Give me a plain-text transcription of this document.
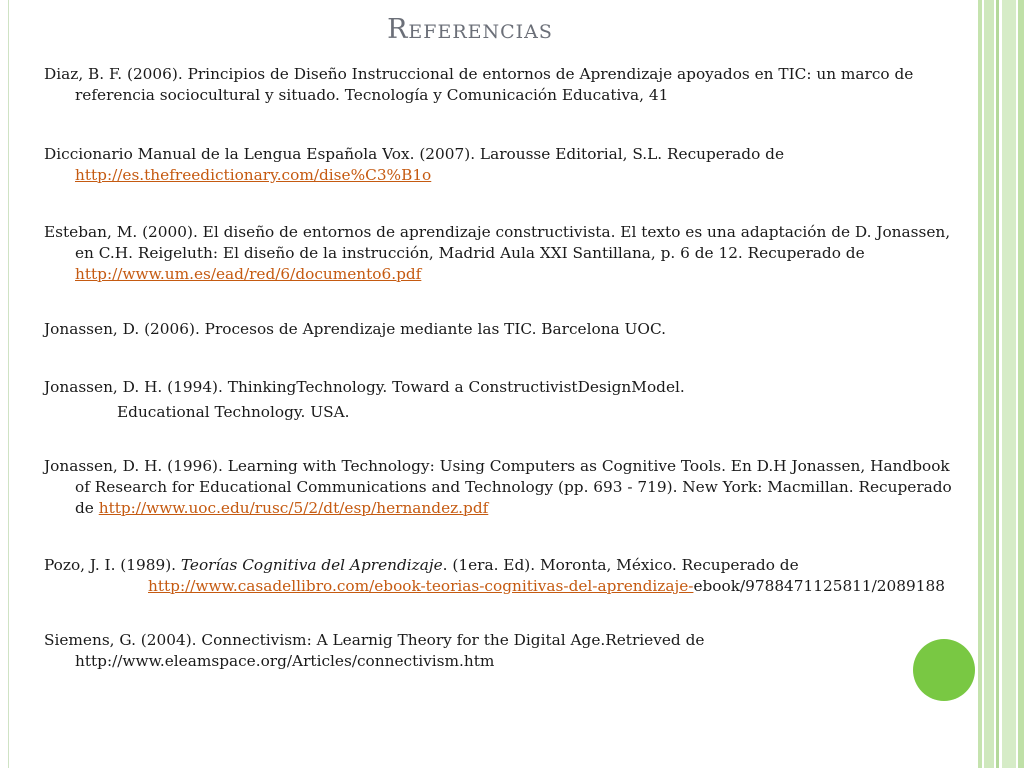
Referencias

Diaz, B. F. (2006). Principios de Diseño Instruccional de entornos de Aprendizaje apoyados en TIC: un marco de referencia sociocultural y situado. Tecnología y Comunicación Educativa, 41

Diccionario Manual de la Lengua Española Vox. (2007). Larousse Editorial, S.L. Recuperado de http://es.thefreedictionary.com/dise%C3%B1o

Esteban, M. (2000). El diseño de entornos de aprendizaje constructivista. El texto es una adaptación de D. Jonassen, en C.H. Reigeluth: El diseño de la instrucción, Madrid Aula XXI Santillana, p. 6 de 12. Recuperado de http://www.um.es/ead/red/6/documento6.pdf

Jonassen, D. (2006). Procesos de Aprendizaje mediante las TIC. Barcelona UOC.

Jonassen, D. H. (1994). ThinkingTechnology. Toward a ConstructivistDesignModel.

Educational Technology. USA.

Jonassen, D. H. (1996). Learning with Technology: Using Computers as Cognitive Tools. En D.H Jonassen, Handbook of Research for Educational Communications and Technology (pp. 693 - 719). New York: Macmillan. Recuperado de http://www.uoc.edu/rusc/5/2/dt/esp/hernandez.pdf

Pozo, J. I. (1989). Teorías Cognitiva del Aprendizaje. (1era. Ed). Moronta, México. Recuperado de

http://www.casadellibro.com/ebook-teorias-cognitivas-del-aprendizaje-ebook/9788471125811/2089188

Siemens, G. (2004). Connectivism: A Learnig Theory for the Digital Age.Retrieved de http://www.eleamspace.org/Articles/connectivism.htm
